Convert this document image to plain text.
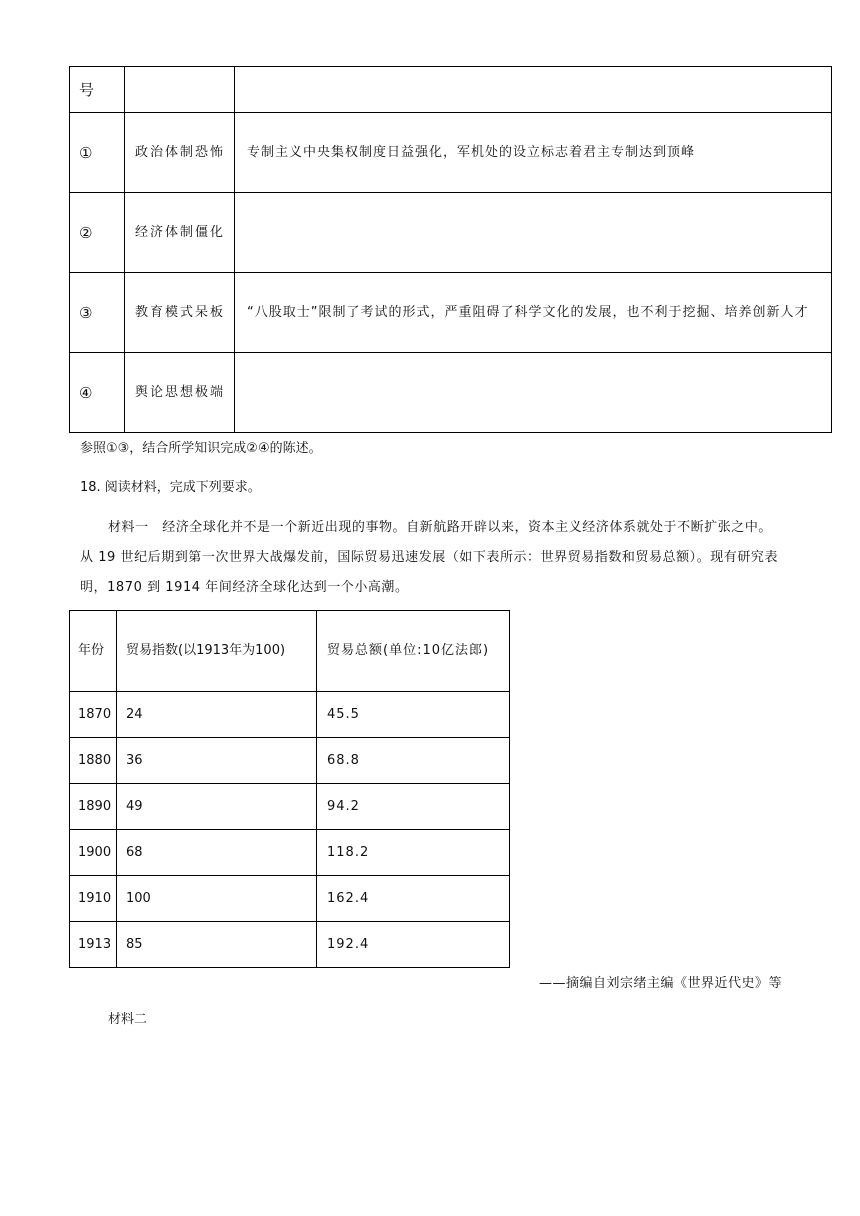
号		
①	政治体制恐怖	专制主义中央集权制度日益强化，军机处的设立标志着君主专制达到顶峰
②	经济体制僵化	
③	教育模式呆板	“八股取士”限制了考试的形式，严重阻碍了科学文化的发展，也不利于挖掘、培养创新人才
④	舆论思想极端	

参照①③，结合所学知识完成②④的陈述。

18. 阅读材料，完成下列要求。

材料一　经济全球化并不是一个新近出现的事物。自新航路开辟以来，资本主义经济体系就处于不断扩张之中。从 19 世纪后期到第一次世界大战爆发前，国际贸易迅速发展（如下表所示：世界贸易指数和贸易总额）。现有研究表明，1870 到 1914 年间经济全球化达到一个小高潮。

年份	贸易指数(以1913年为100)	贸易总额(单位:10亿法郎)
1870	24	45.5
1880	36	68.8
1890	49	94.2
1900	68	118.2
1910	100	162.4
1913	85	192.4
——摘编自刘宗绪主编《世界近代史》等
材料二
